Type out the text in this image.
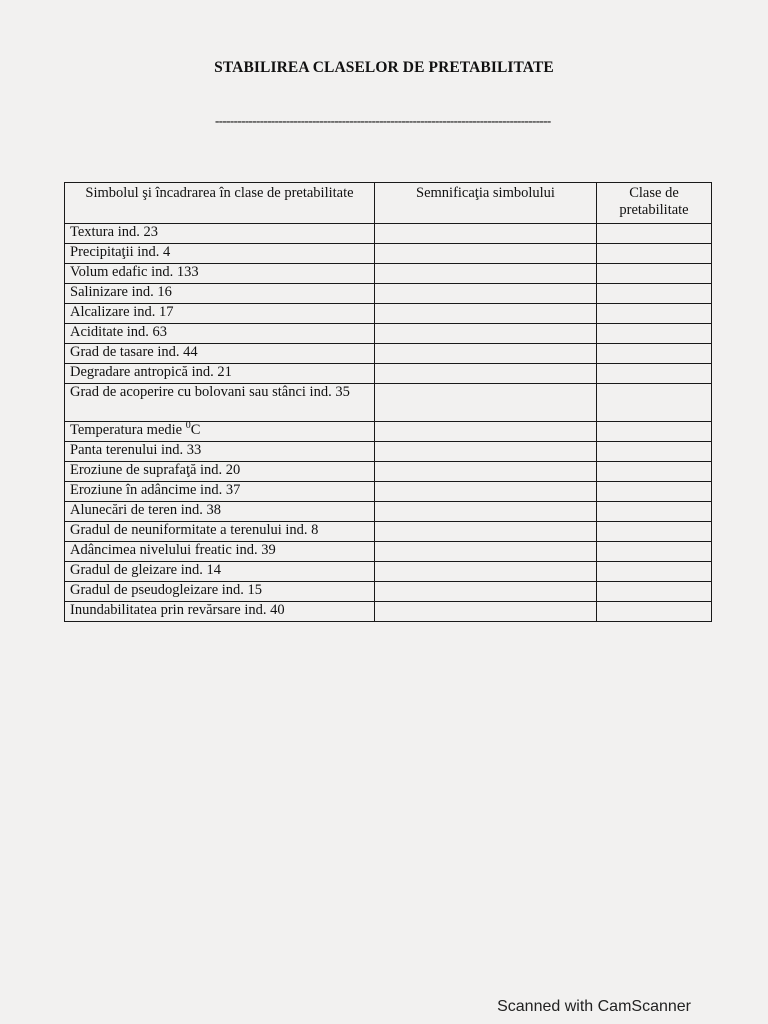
STABILIREA CLASELOR DE PRETABILITATE
------------------------------------------------------------------------------------------
Simbolul şi încadrarea în clase de pretabilitate	Semnificaţia simbolului	Clase de pretabilitate
Textura ind. 23		
Precipitaţii ind. 4		
Volum edafic ind. 133		
Salinizare ind. 16		
Alcalizare ind. 17		
Aciditate ind. 63		
Grad de tasare ind. 44		
Degradare antropică ind. 21		
Grad de acoperire cu bolovani sau stânci ind. 35		
Temperatura medie $^0$C		
Panta terenului ind. 33		
Eroziune de suprafaţă ind. 20		
Eroziune în adâncime ind. 37		
Alunecări de teren ind. 38		
Gradul de neuniformitate a terenului ind. 8		
Adâncimea nivelului freatic ind. 39		
Gradul de gleizare ind. 14		
Gradul de pseudogleizare ind. 15		
Inundabilitatea prin revărsare ind. 40		
Scanned with CamScanner
